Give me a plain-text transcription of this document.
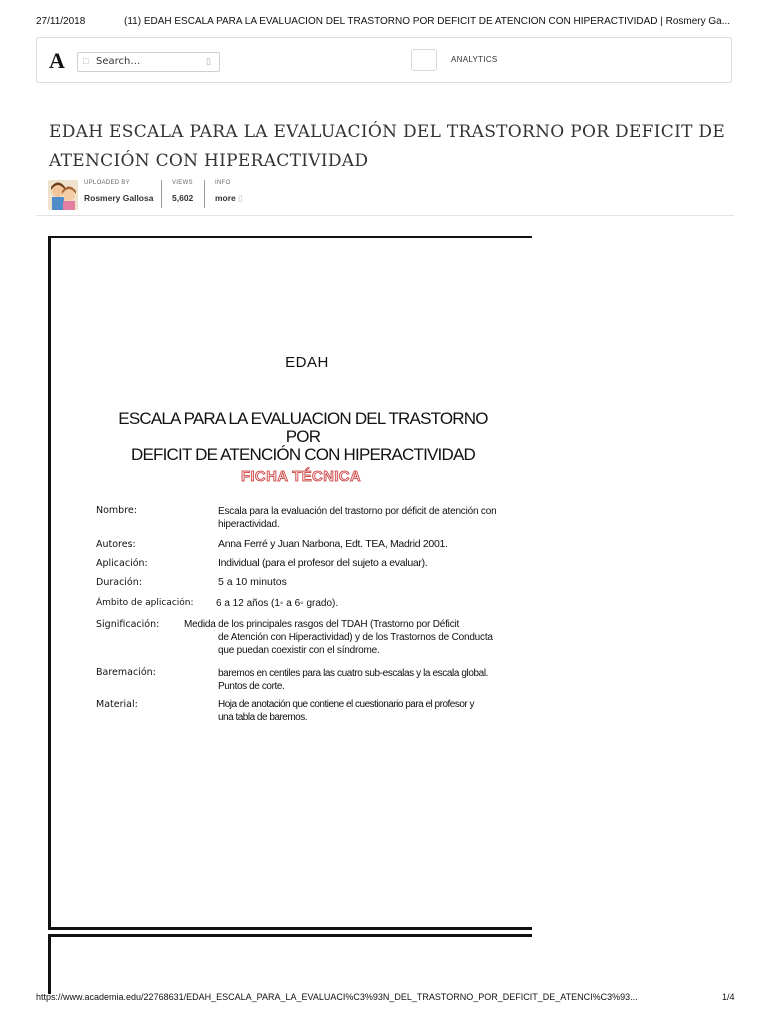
27/11/2018	(11) EDAH ESCALA PARA LA EVALUACIÓN DEL TRASTORNO POR DEFICIT DE ATENCIÓN CON HIPERACTIVIDAD | Rosmery Ga...
A □ Search…	▯	ANALYTICS
EDAH ESCALA PARA LA EVALUACIÓN DEL TRASTORNO POR DEFICIT DE ATENCIÓN CON HIPERACTIVIDAD
UPLOADED BY
Rosmery Gallosa
VIEWS
5,602
INFO
more ▯
EDAH
ESCALA PARA LA EVALUACION DEL TRASTORNO POR
DEFICIT DE ATENCIÓN CON HIPERACTIVIDAD
FICHA TÉCNICA
Nombre:	Escala para la evaluación del trastorno por déficit de atención con
hiperactividad.
Autores:	Anna Ferré y Juan Narbona, Edt. TEA, Madrid 2001.
Aplicación:	Individual (para el profesor del sujeto a evaluar).
Duración:	5 a 10 minutos
Ámbito de aplicación: 6 a 12 años (1◦ a 6◦ grado).
Significación: Medida de los principales rasgos del TDAH (Trastorno por Déficit
de Atención con Hiperactividad) y de los Trastornos de Conducta
que puedan coexistir con el síndrome.
Baremación:	baremos en centiles para las cuatro sub-escalas y la escala global.
Puntos de corte.
Material:	Hoja de anotación que contiene el cuestionario para el profesor y
una tabla de baremos.
https://www.academia.edu/22768631/EDAH_ESCALA_PARA_LA_EVALUACI%C3%93N_DEL_TRASTORNO_POR_DEFICIT_DE_ATENCI%C3%93...	1/4
